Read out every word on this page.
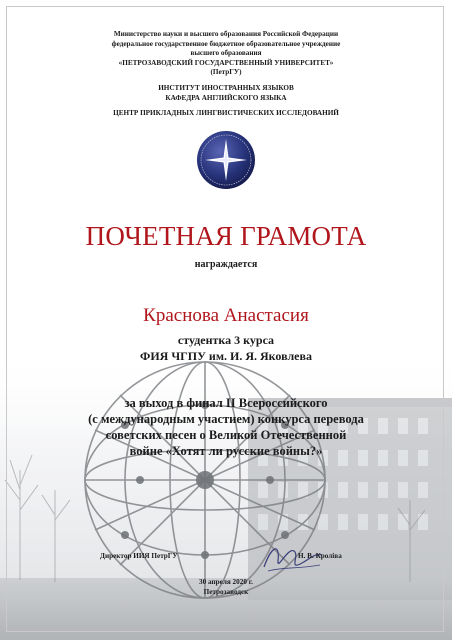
Министерство науки и высшего образования Российской Федерации
федеральное государственное бюджетное образовательное учреждение
высшего образования
«ПЕТРОЗАВОДСКИЙ ГОСУДАРСТВЕННЫЙ УНИВЕРСИТЕТ»
(ПетрГУ)
ИНСТИТУТ ИНОСТРАННЫХ ЯЗЫКОВ
КАФЕДРА АНГЛИЙСКОГО ЯЗЫКА
ЦЕНТР ПРИКЛАДНЫХ ЛИНГВИСТИЧЕСКИХ ИССЛЕДОВАНИЙ
ПОЧЕТНАЯ ГРАМОТА
награждается
Краснова Анастасия
студентка 3 курса
ФИЯ ЧГПУ им. И. Я. Яковлева
за выход в финал II Всероссийского
(с международным участием) конкурса перевода
советских песен о Великой Отечественной
войне «Хотят ли русские войны?»
Директор ИИЯ ПетрГУ	Н. В. Кроліва
30 апреля 2020 г.
Петрозаводск
